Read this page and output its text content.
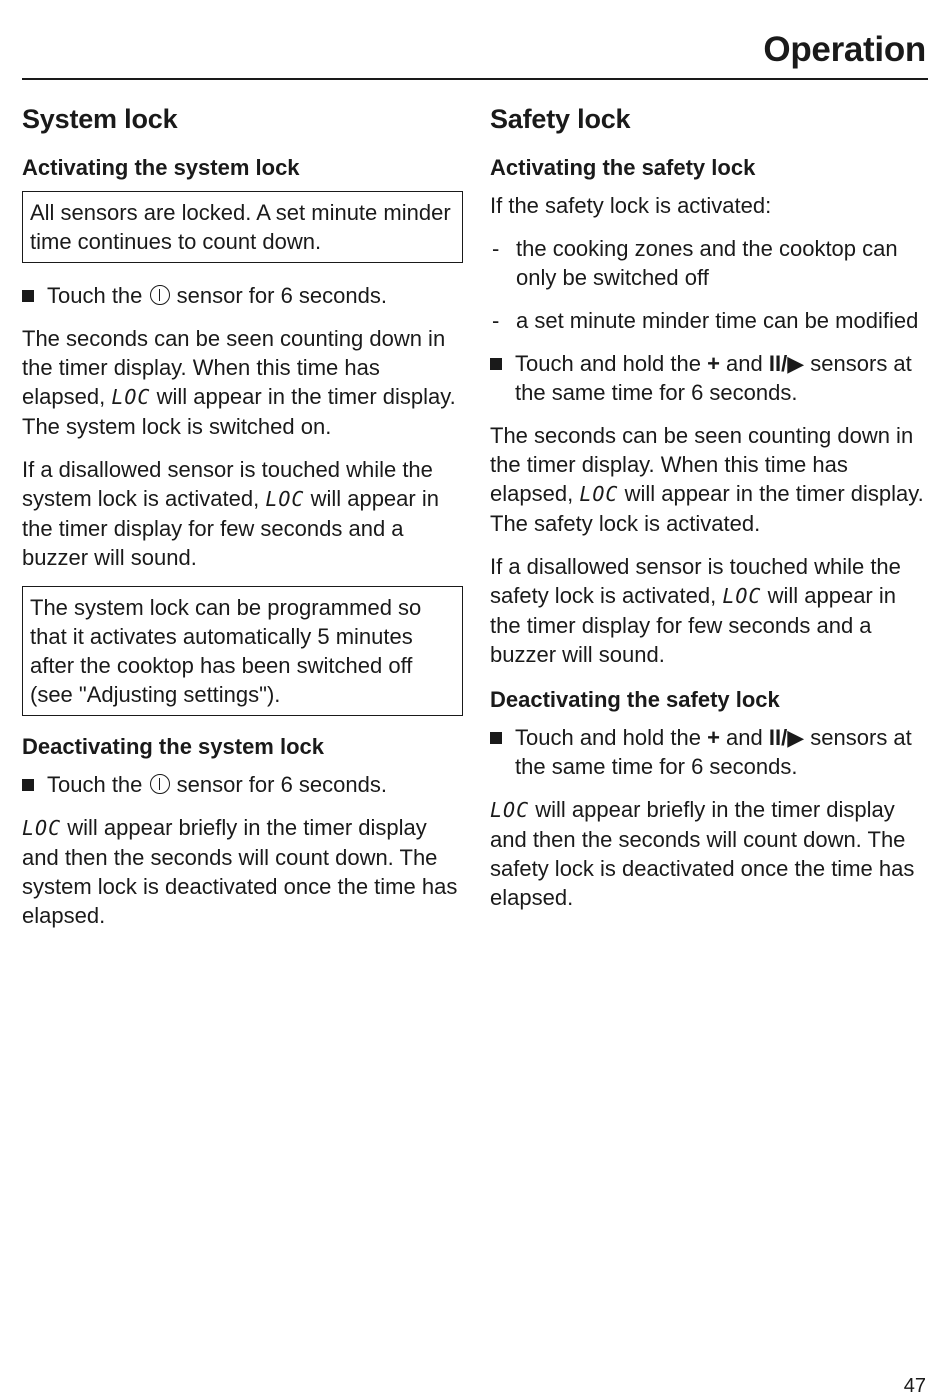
Operation
System lock
Activating the system lock
All sensors are locked. A set minute minder time continues to count down.
Touch the sensor for 6 seconds.

The seconds can be seen counting down in the timer display. When this time has elapsed, LOC will appear in the timer display. The system lock is switched on.

If a disallowed sensor is touched while the system lock is activated, LOC will appear in the timer display for few seconds and a buzzer will sound.

The system lock can be programmed so that it activates automatically 5 minutes after the cooktop has been switched off (see "Adjusting settings").
Deactivating the system lock
Touch the sensor for 6 seconds.

LOC will appear briefly in the timer display and then the seconds will count down. The system lock is deactivated once the time has elapsed.

Safety lock
Activating the safety lock

If the safety lock is activated:

- the cooking zones and the cooktop can only be switched off
- a set minute minder time can be modified
Touch and hold the + and II/▶ sensors at the same time for 6 seconds.

The seconds can be seen counting down in the timer display. When this time has elapsed, LOC will appear in the timer display. The safety lock is activated.

If a disallowed sensor is touched while the safety lock is activated, LOC will appear in the timer display for few seconds and a buzzer will sound.

Deactivating the safety lock
Touch and hold the + and II/▶ sensors at the same time for 6 seconds.

LOC will appear briefly in the timer display and then the seconds will count down. The safety lock is deactivated once the time has elapsed.

47
